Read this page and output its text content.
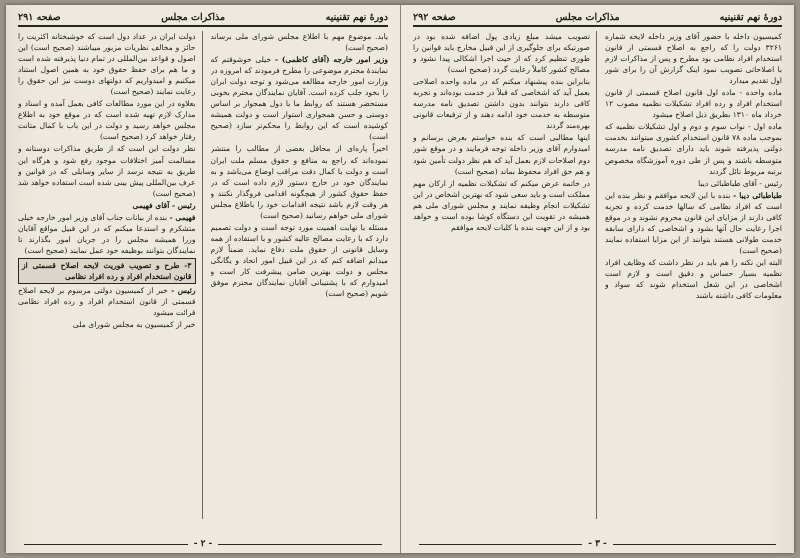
دورهٔ نهم تقنینیه
مذاکرات مجلس
صفحه ۲۹۱

یابد. موضوع مهم با اطلاع مجلس شورای ملی برساند (صحیح است)

وزیر امور خارجه (آقای کاظمی) - خیلی خوشوقتم که نمایندهٔ محترم موضوعی را مطرح فرمودند که امروزه در وزارت امور خارجه مطالعه می‌شود و توجه دولت ایران را بخود جلب کرده است. آقایان نمایندگان محترم بخوبی مستحضر هستند که روابط ما با دول همجوار بر اساس دوستی و حسن همجواری استوار است و دولت همیشه کوشیده است که این روابط را محکم‌تر سازد (صحیح است)

اخیراً پاره‌ای از محافل بعضی از مطالب را منتشر نموده‌اند که راجع به منافع و حقوق مسلم ملت ایران است و دولت با کمال دقت مراقب اوضاع می‌باشد و به نمایندگان خود در خارج دستور لازم داده است که در حفظ حقوق کشور از هیچگونه اقدامی فروگذار نکنند و هر وقت لازم باشد نتیجه اقدامات خود را باطلاع مجلس شورای ملی خواهم رسانید (صحیح است)

مسئله با نهایت اهمیت مورد توجه است و دولت تصمیم دارد که با رعایت مصالح عالیه کشور و با استفاده از همه وسایل قانونی از حقوق ملت دفاع نماید. ضمناً لازم میدانم اضافه کنم که در این قبیل امور اتحاد و یگانگی مجلس و دولت بهترین ضامن پیشرفت کار است و امیدوارم که با پشتیبانی آقایان نمایندگان محترم موفق شویم (صحیح است)

دولت ایران در عداد دول است که خوشبختانه اکثریت را حائز و مخالف نظریات مزبور میباشند (صحیح است) این اصول و قواعد بین‌المللی در تمام دنیا پذیرفته شده است و ما هم برای حفظ حقوق خود به همین اصول استناد میکنیم و امیدواریم که دولتهای دوست نیز این حقوق را رعایت نمایند (صحیح است)

بعلاوه در این مورد مطالعات کافی بعمل آمده و اسناد و مدارک لازم تهیه شده است که در موقع خود به اطلاع مجلس خواهد رسید و دولت در این باب با کمال متانت رفتار خواهد کرد (صحیح است)

نظر دولت این است که از طریق مذاکرات دوستانه و مسالمت آمیز اختلافات موجود رفع شود و هرگاه این طریق به نتیجه نرسد از سایر وسایلی که در قوانین و عرف بین‌المللی پیش بینی شده است استفاده خواهد شد (صحیح است)

رئیس - آقای فهیمی

فهیمی - بنده از بیانات جناب آقای وزیر امور خارجه خیلی متشکرم و استدعا میکنم که در این قبیل مواقع آقایان وزرا همیشه مجلس را در جریان امور بگذارند تا نمایندگان بتوانند بوظیفه خود عمل نمایند (صحیح است)

۳- طرح و تصویب فوریت لایحه اصلاح قسمتی از قانون استخدام افراد و رده افراد نظامی

رئیس - خبر از کمیسیون دولتی مرسوم بر لایحه اصلاح قسمتی از قانون استخدام افراد و رده افراد نظامی قرائت میشود

خبر از کمیسیون به مجلس شورای ملی

- ۲ -
دورهٔ نهم تقنینیه
مذاکرات مجلس
صفحه ۲۹۲

کمیسیون داخله با حضور آقای وزیر داخله لایحه شماره ۳۲۶۱ دولت را که راجع به اصلاح قسمتی از قانون استخدام افراد نظامی بود مطرح و پس از مذاکرات لازم با اصلاحاتی تصویب نمود اینک گزارش آن را برای شور اول تقدیم میدارد

ماده واحده - ماده اول قانون اصلاح قسمتی از قانون استخدام افراد و رده افراد تشکیلات نظمیه مصوب ۱۲ خرداد ماه ۱۳۱۰ بطریق ذیل اصلاح میشود

ماده اول - نواب سوم و دوم و اول تشکیلات نظمیه که بموجب ماده ۷۸ قانون استخدام کشوری میتوانند بخدمت دولتی پذیرفته شوند باید دارای تصدیق نامه مدرسه متوسطه باشند و پس از طی دوره آموزشگاه مخصوص برتبه مربوط نائل گردند

رئیس - آقای طباطبائی دیبا

طباطبائی دیبا - بنده با این لایحه موافقم و نظر بنده این است که افراد نظامی که سالها خدمت کرده و تجربه کافی دارند از مزایای این قانون محروم نشوند و در موقع اجرا رعایت حال آنها بشود و اشخاصی که دارای سابقه خدمت طولانی هستند بتوانند از این مزایا استفاده نمایند (صحیح است)

البته این نکته را هم باید در نظر داشت که وظایف افراد نظمیه بسیار حساس و دقیق است و لازم است اشخاصی در این شغل استخدام شوند که سواد و معلومات کافی داشته باشند

تصویب میشد مبلغ زیادی پول اضافه شده بود در صورتیکه برای جلوگیری از این قبیل مخارج باید قوانین را طوری تنظیم کرد که از حیث اجرا اشکالی پیدا نشود و مصالح کشور کاملاً رعایت گردد (صحیح است)

بنابراین بنده پیشنهاد میکنم که در ماده واحده اصلاحی بعمل آید که اشخاصی که قبلاً در خدمت بوده‌اند و تجربه کافی دارند بتوانند بدون داشتن تصدیق نامه مدرسه متوسطه به خدمت خود ادامه دهند و از ترفیعات قانونی بهره‌مند گردند

اینها مطالبی است که بنده خواستم بعرض برسانم و امیدوارم آقای وزیر داخله توجه فرمایند و در موقع شور دوم اصلاحات لازم بعمل آید که هم نظر دولت تأمین شود و هم حق افراد محفوظ بماند (صحیح است)

در خاتمه عرض میکنم که تشکیلات نظمیه از ارکان مهم مملکت است و باید سعی شود که بهترین اشخاص در این تشکیلات انجام وظیفه نمایند و مجلس شورای ملی هم همیشه در تقویت این دستگاه کوشا بوده است و خواهد بود و از این جهت بنده با کلیات لایحه موافقم

- ۳ -
